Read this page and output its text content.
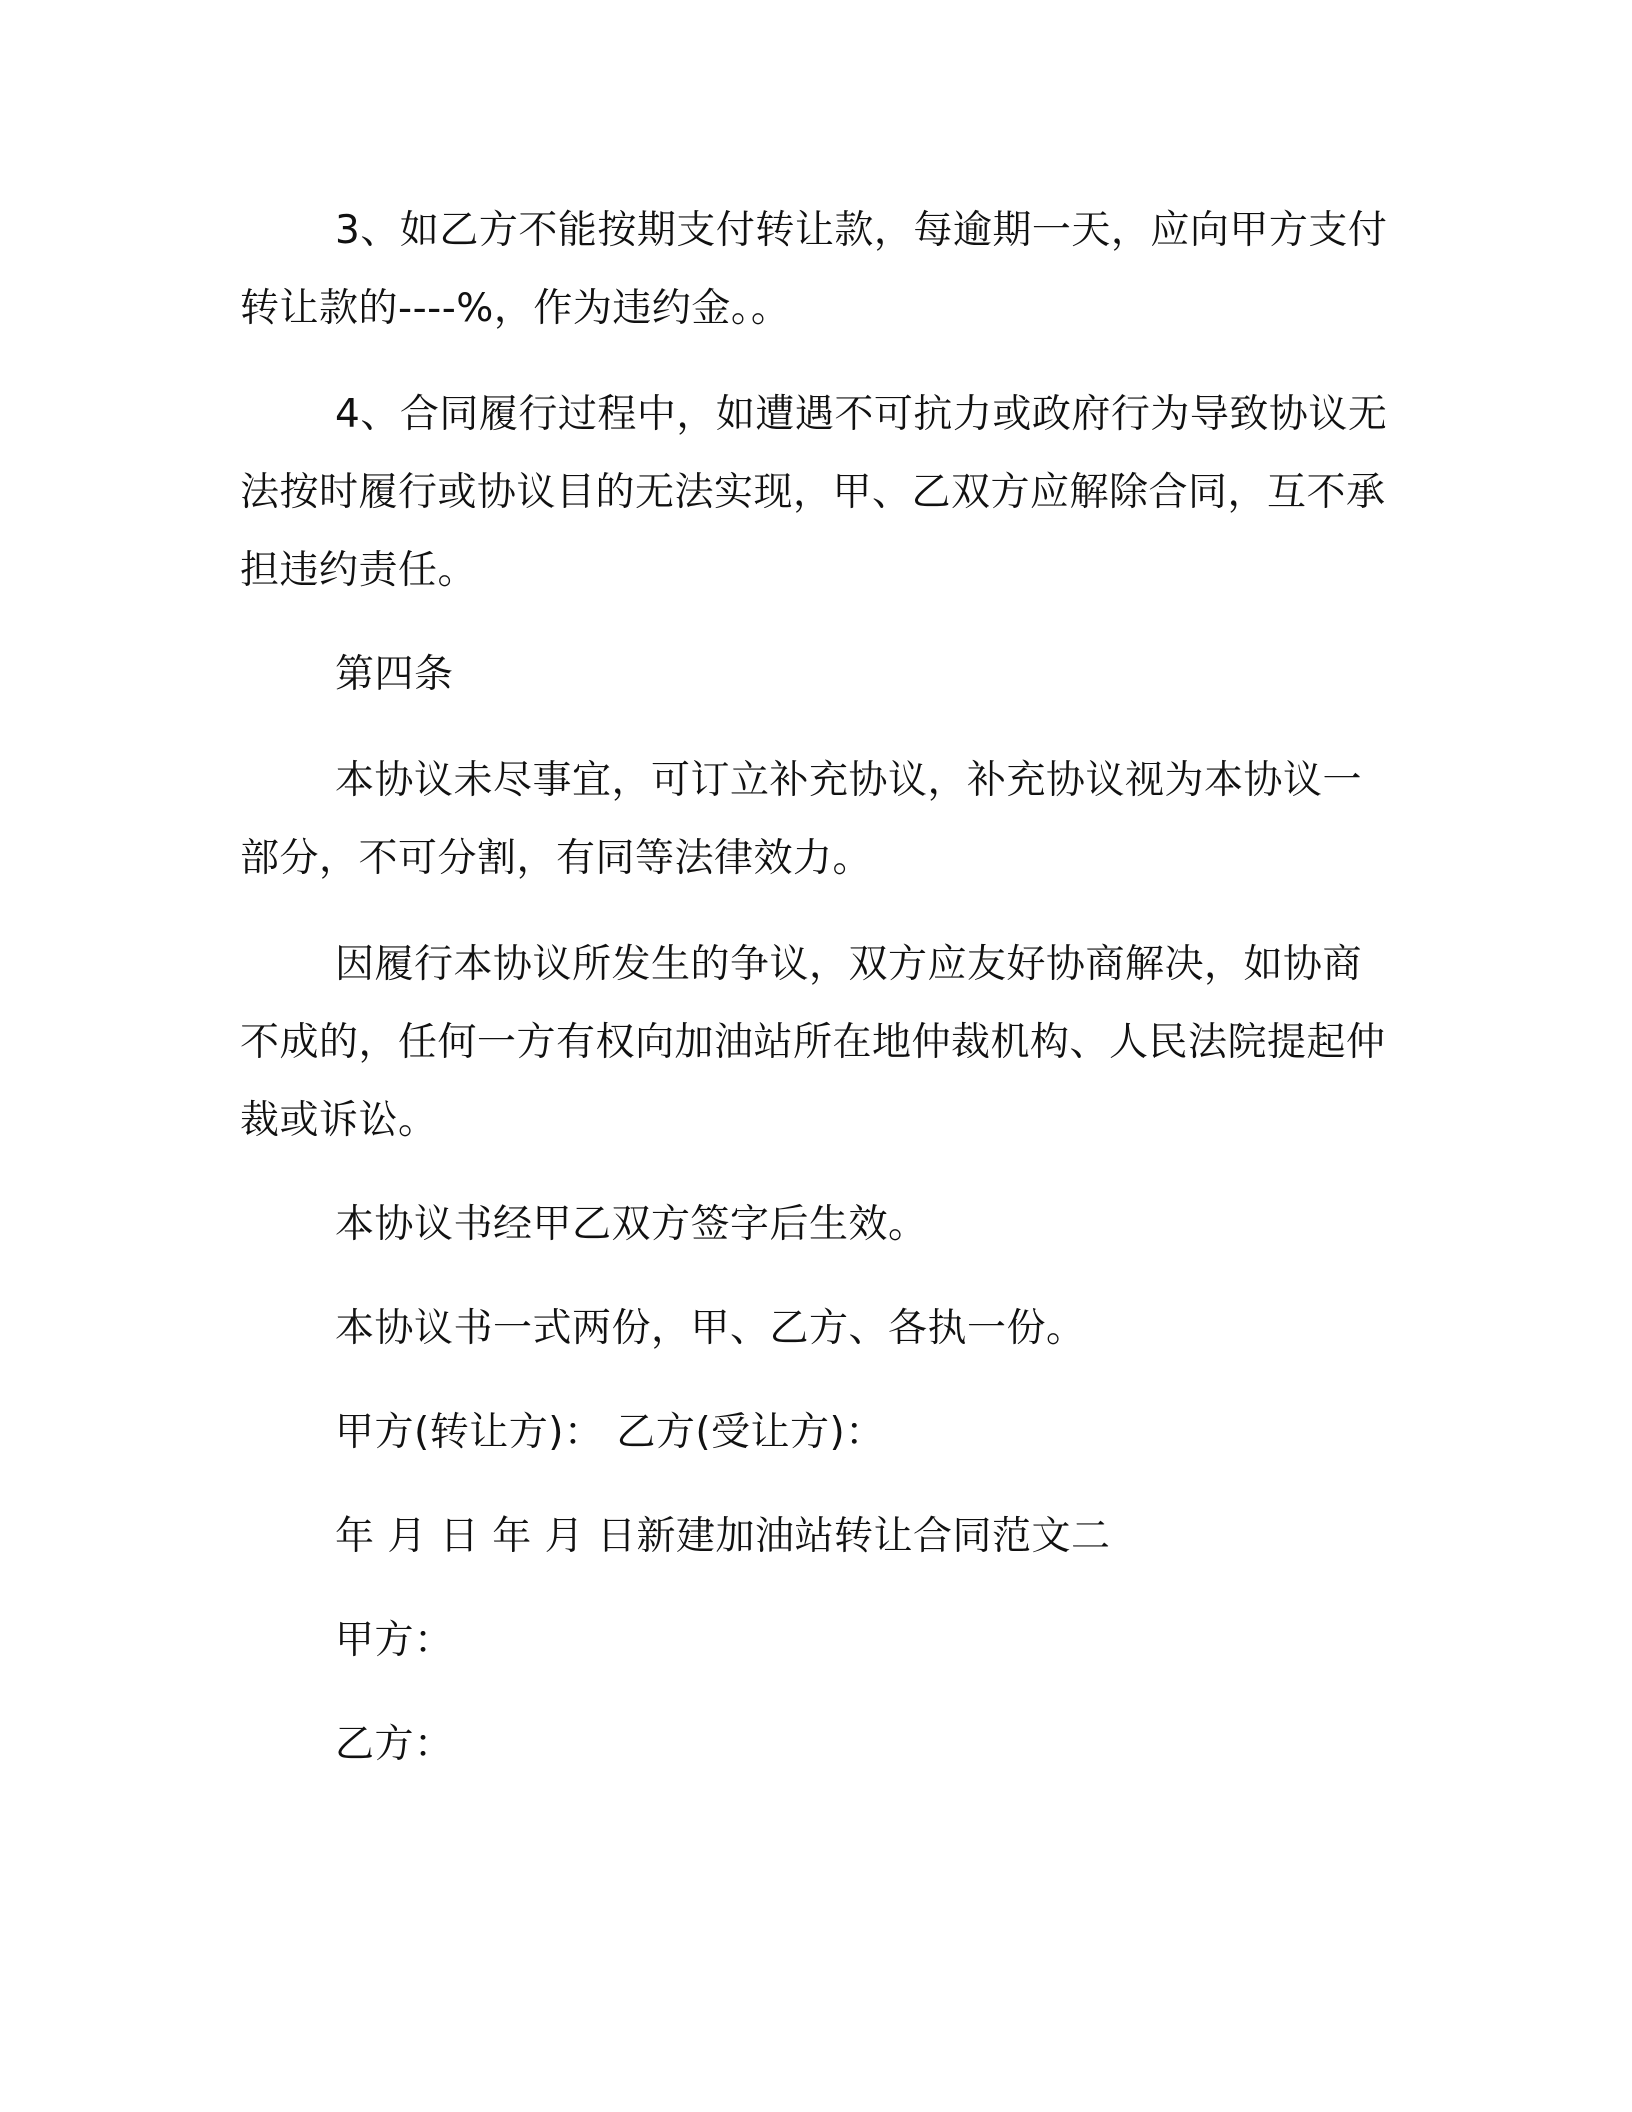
3、如乙方不能按期支付转让款，每逾期一天，应向甲方支付转让款的----%，作为违约金。。

4、合同履行过程中，如遭遇不可抗力或政府行为导致协议无法按时履行或协议目的无法实现，甲、乙双方应解除合同，互不承担违约责任。

第四条

本协议未尽事宜，可订立补充协议，补充协议视为本协议一部分，不可分割，有同等法律效力。

因履行本协议所发生的争议，双方应友好协商解决，如协商不成的，任何一方有权向加油站所在地仲裁机构、人民法院提起仲裁或诉讼。

本协议书经甲乙双方签字后生效。

本协议书一式两份，甲、乙方、各执一份。

甲方(转让方)： 乙方(受让方)：

年 月 日 年 月 日新建加油站转让合同范文二

甲方：

乙方：
